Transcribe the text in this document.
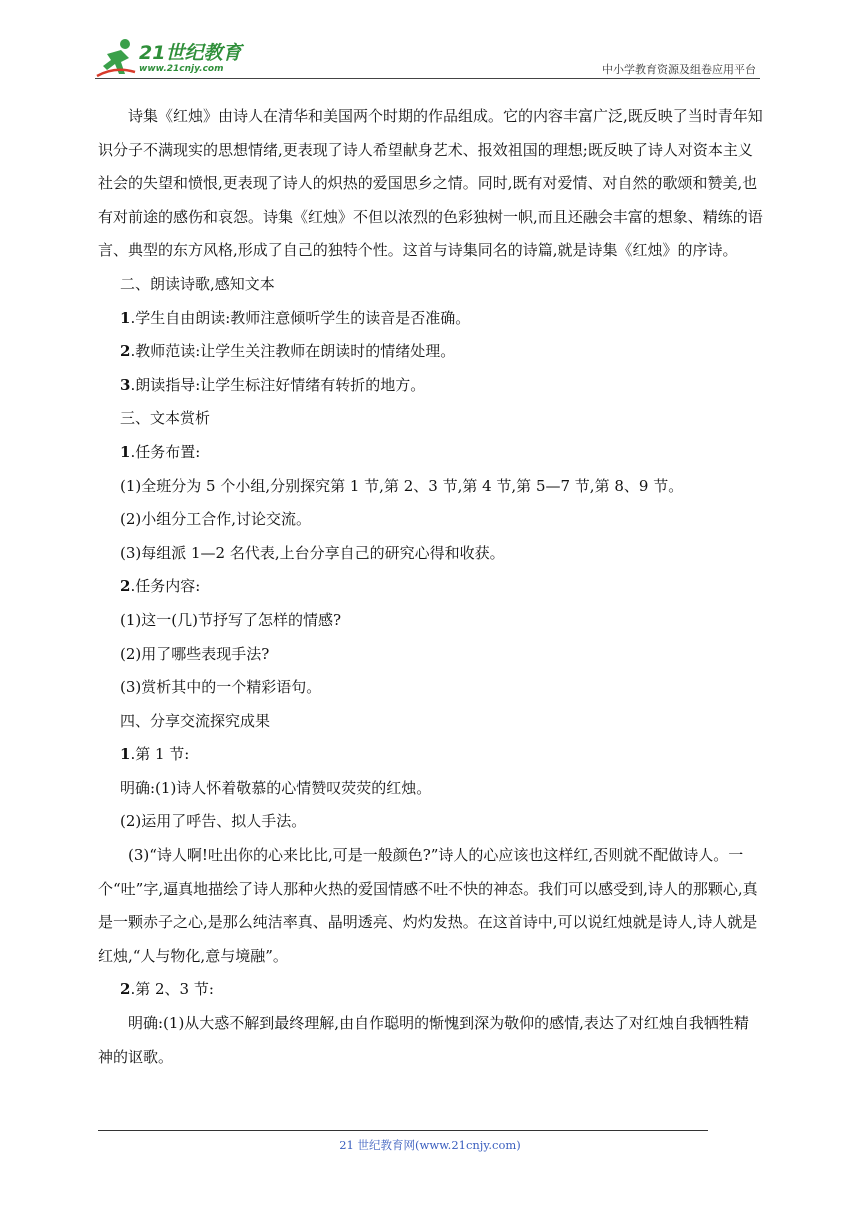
21世纪教育
www.21cnjy.com	中小学教育资源及组卷应用平台

诗集《红烛》由诗人在清华和美国两个时期的作品组成。它的内容丰富广泛,既反映了当时青年知识分子不满现实的思想情绪,更表现了诗人希望献身艺术、报效祖国的理想;既反映了诗人对资本主义社会的失望和愤恨,更表现了诗人的炽热的爱国思乡之情。同时,既有对爱情、对自然的歌颂和赞美,也有对前途的感伤和哀怨。诗集《红烛》不但以浓烈的色彩独树一帜,而且还融会丰富的想象、精练的语言、典型的东方风格,形成了自己的独特个性。这首与诗集同名的诗篇,就是诗集《红烛》的序诗。

二、朗读诗歌,感知文本

1.学生自由朗读:教师注意倾听学生的读音是否准确。

2.教师范读:让学生关注教师在朗读时的情绪处理。

3.朗读指导:让学生标注好情绪有转折的地方。

三、文本赏析

1.任务布置:

(1)全班分为 5 个小组,分别探究第 1 节,第 2、3 节,第 4 节,第 5—7 节,第 8、9 节。

(2)小组分工合作,讨论交流。

(3)每组派 1—2 名代表,上台分享自己的研究心得和收获。

2.任务内容:

(1)这一(几)节抒写了怎样的情感?

(2)用了哪些表现手法?

(3)赏析其中的一个精彩语句。

四、分享交流探究成果

1.第 1 节:

明确:(1)诗人怀着敬慕的心情赞叹荧荧的红烛。

(2)运用了呼告、拟人手法。

(3)“诗人啊!吐出你的心来比比,可是一般颜色?”诗人的心应该也这样红,否则就不配做诗人。一个“吐”字,逼真地描绘了诗人那种火热的爱国情感不吐不快的神态。我们可以感受到,诗人的那颗心,真是一颗赤子之心,是那么纯洁率真、晶明透亮、灼灼发热。在这首诗中,可以说红烛就是诗人,诗人就是红烛,“人与物化,意与境融”。

2.第 2、3 节:

明确:(1)从大惑不解到最终理解,由自作聪明的惭愧到深为敬仰的感情,表达了对红烛自我牺牲精神的讴歌。

21 世纪教育网(www.21cnjy.com)
